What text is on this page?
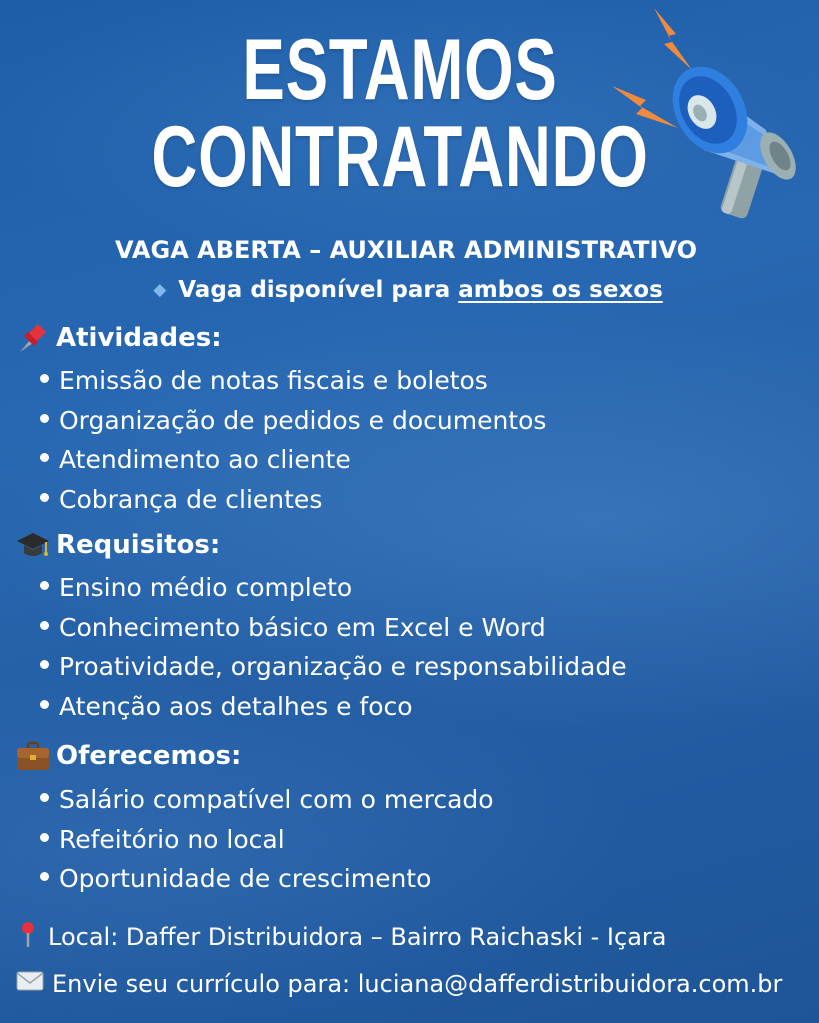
ESTAMOS
CONTRATANDO
VAGA ABERTA – AUXILIAR ADMINISTRATIVO
◆ Vaga disponível para ambos os sexos
Atividades:
Emissão de notas fiscais e boletos
Organização de pedidos e documentos
Atendimento ao cliente
Cobrança de clientes
Requisitos:
Ensino médio completo
Conhecimento básico em Excel e Word
Proatividade, organização e responsabilidade
Atenção aos detalhes e foco
Oferecemos:
Salário compatível com o mercado
Refeitório no local
Oportunidade de crescimento
Local: Daffer Distribuidora – Bairro Raichaski - Içara
Envie seu currículo para: luciana@dafferdistribuidora.com.br
